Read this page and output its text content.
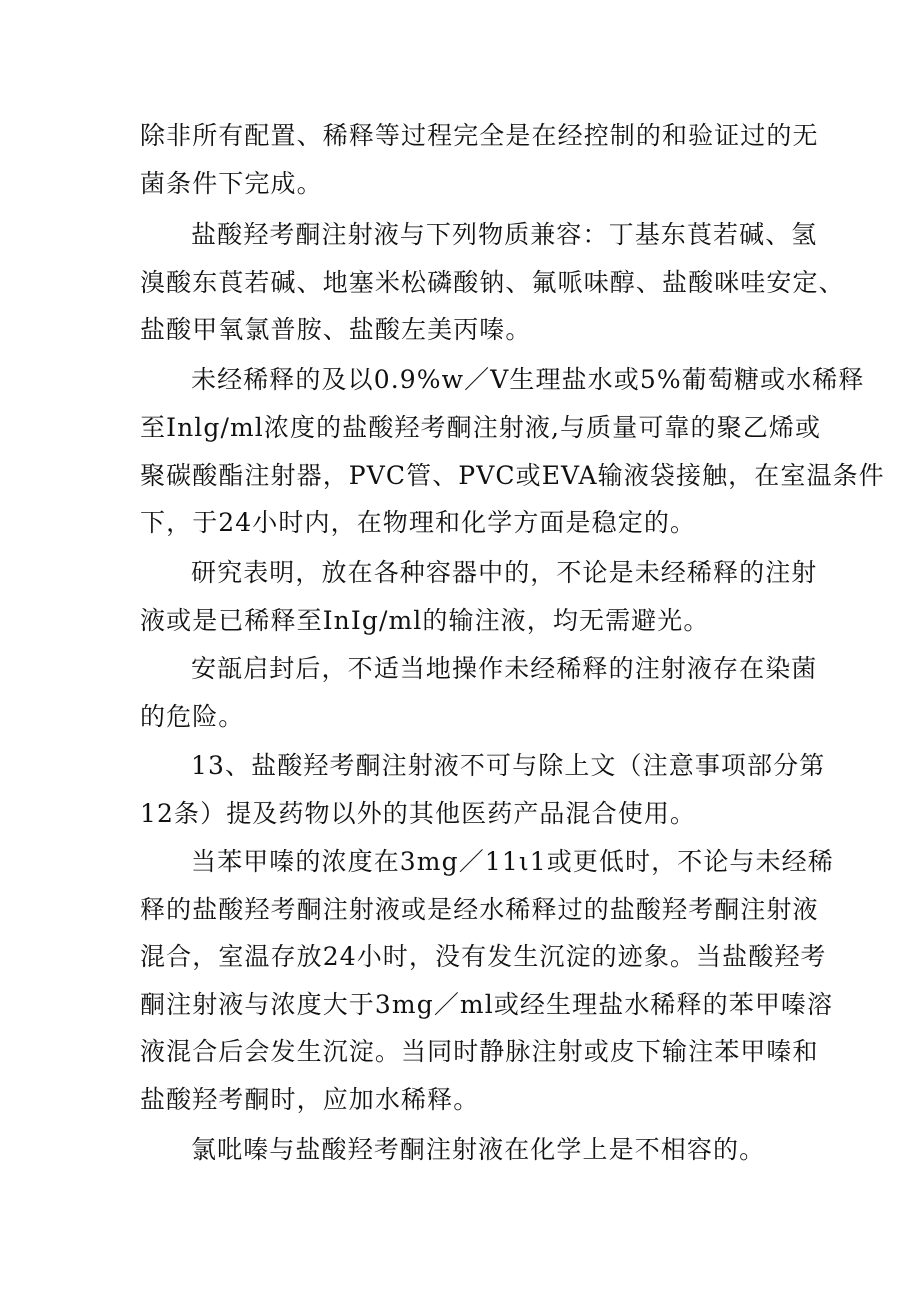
除非所有配置、稀释等过程完全是在经控制的和验证过的无
菌条件下完成。
盐酸羟考酮注射液与下列物质兼容：丁基东莨若碱、氢
溴酸东莨若碱、地塞米松磷酸钠、氟哌味醇、盐酸咪哇安定、
盐酸甲氧氯普胺、盐酸左美丙嗪。
未经稀释的及以0.9%w／V生理盐水或5%葡萄糖或水稀释
至Inlg/ml浓度的盐酸羟考酮注射液,与质量可靠的聚乙烯或
聚碳酸酯注射器，PVC管、PVC或EVA输液袋接触，在室温条件
下，于24小时内，在物理和化学方面是稳定的。
研究表明，放在各种容器中的，不论是未经稀释的注射
液或是已稀释至InIg/ml的输注液，均无需避光。
安瓿启封后，不适当地操作未经稀释的注射液存在染菌
的危险。
13、盐酸羟考酮注射液不可与除上文（注意事项部分第
12条）提及药物以外的其他医药产品混合使用。
当苯甲嗪的浓度在3mg／11ι1或更低时，不论与未经稀
释的盐酸羟考酮注射液或是经水稀释过的盐酸羟考酮注射液
混合，室温存放24小时，没有发生沉淀的迹象。当盐酸羟考
酮注射液与浓度大于3mg／ml或经生理盐水稀释的苯甲嗪溶
液混合后会发生沉淀。当同时静脉注射或皮下输注苯甲嗪和
盐酸羟考酮时，应加水稀释。
氯吡嗪与盐酸羟考酮注射液在化学上是不相容的。
